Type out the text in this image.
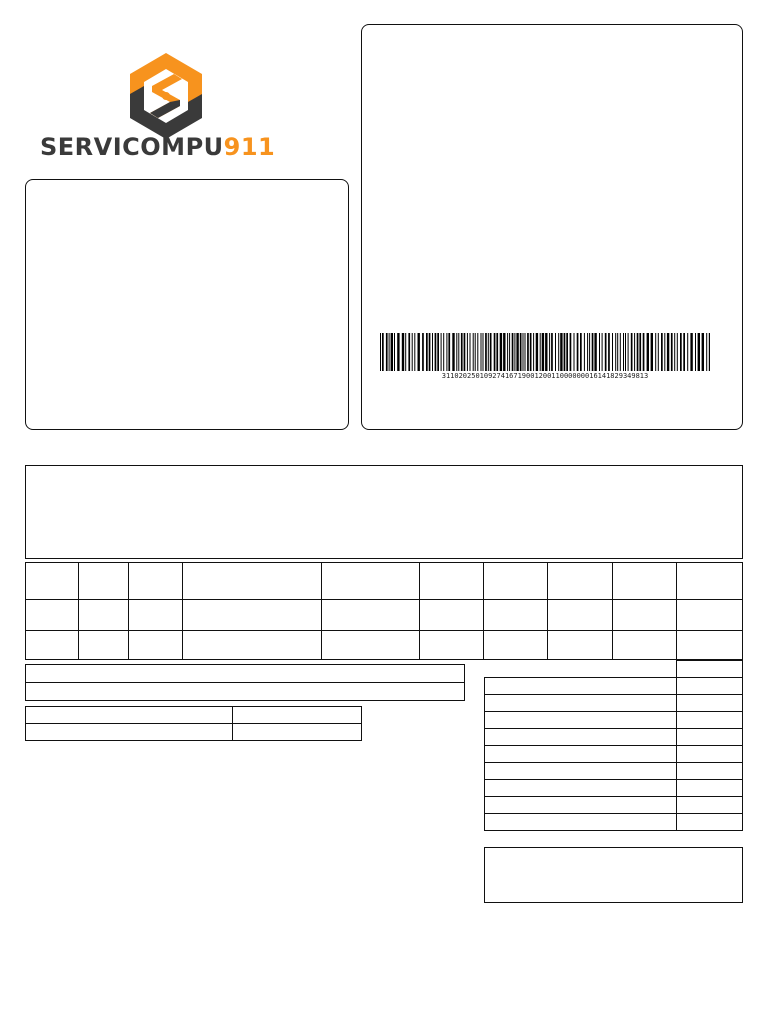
SERVICOMPU911
3110202501092741671900120011000000016141829349813
